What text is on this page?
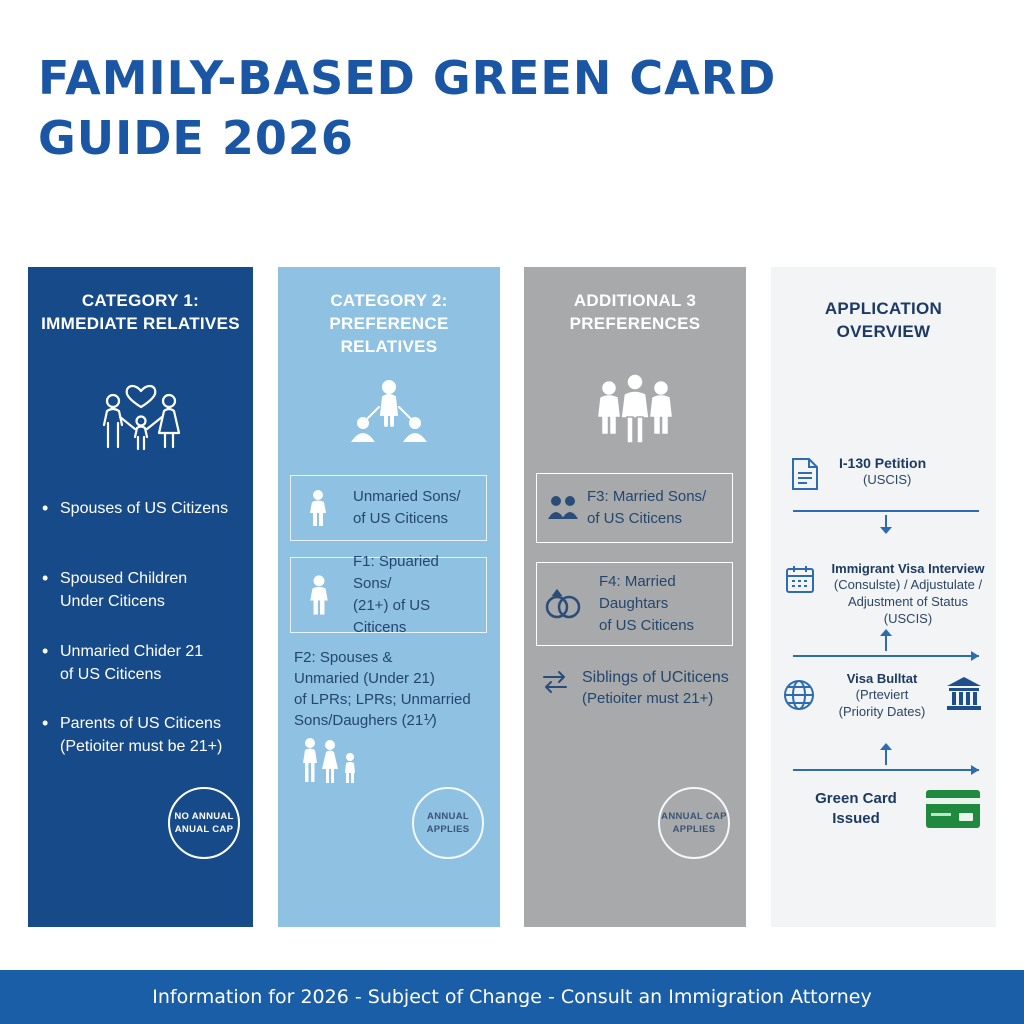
FAMILY-BASED GREEN CARD
GUIDE 2026
CATEGORY 1:
IMMEDIATE RELATIVES
• Spouses of US Citizens
• Spoused Children
Under Citicens
• Unmaried Chider 21
of US Citicens
• Parents of US Citicens
(Petioiter must be 21+)
NO ANNUAL
ANUAL CAP
CATEGORY 2:
PREFERENCE
RELATIVES
Unmaried Sons/
of US Citicens
F1: Spuaried Sons/
(21+) of US Citicens
F2: Spouses &
Unmaried (Under 21)
of LPRs; LPRs; Unmarried
Sons/Daughers (21⅟)
ANNUAL
APPLIES
ADDITIONAL 3
PREFERENCES
F3: Married Sons/
of US Citicens
F4: Married Daughtars
of US Citicens
Siblings of UCiticens
(Petioiter must 21+)
ANNUAL CAP
APPLIES
APPLICATION
OVERVIEW
I-130 Petition
(USCIS)
Immigrant Visa Interview
(Consulste) / Adjustulate /
Adjustment of Status (USCIS)
Visa Bulltat
(Prteviert
(Priority Dates)
Green Card
Issued
Information for 2026 - Subject of Change - Consult an Immigration Attorney
